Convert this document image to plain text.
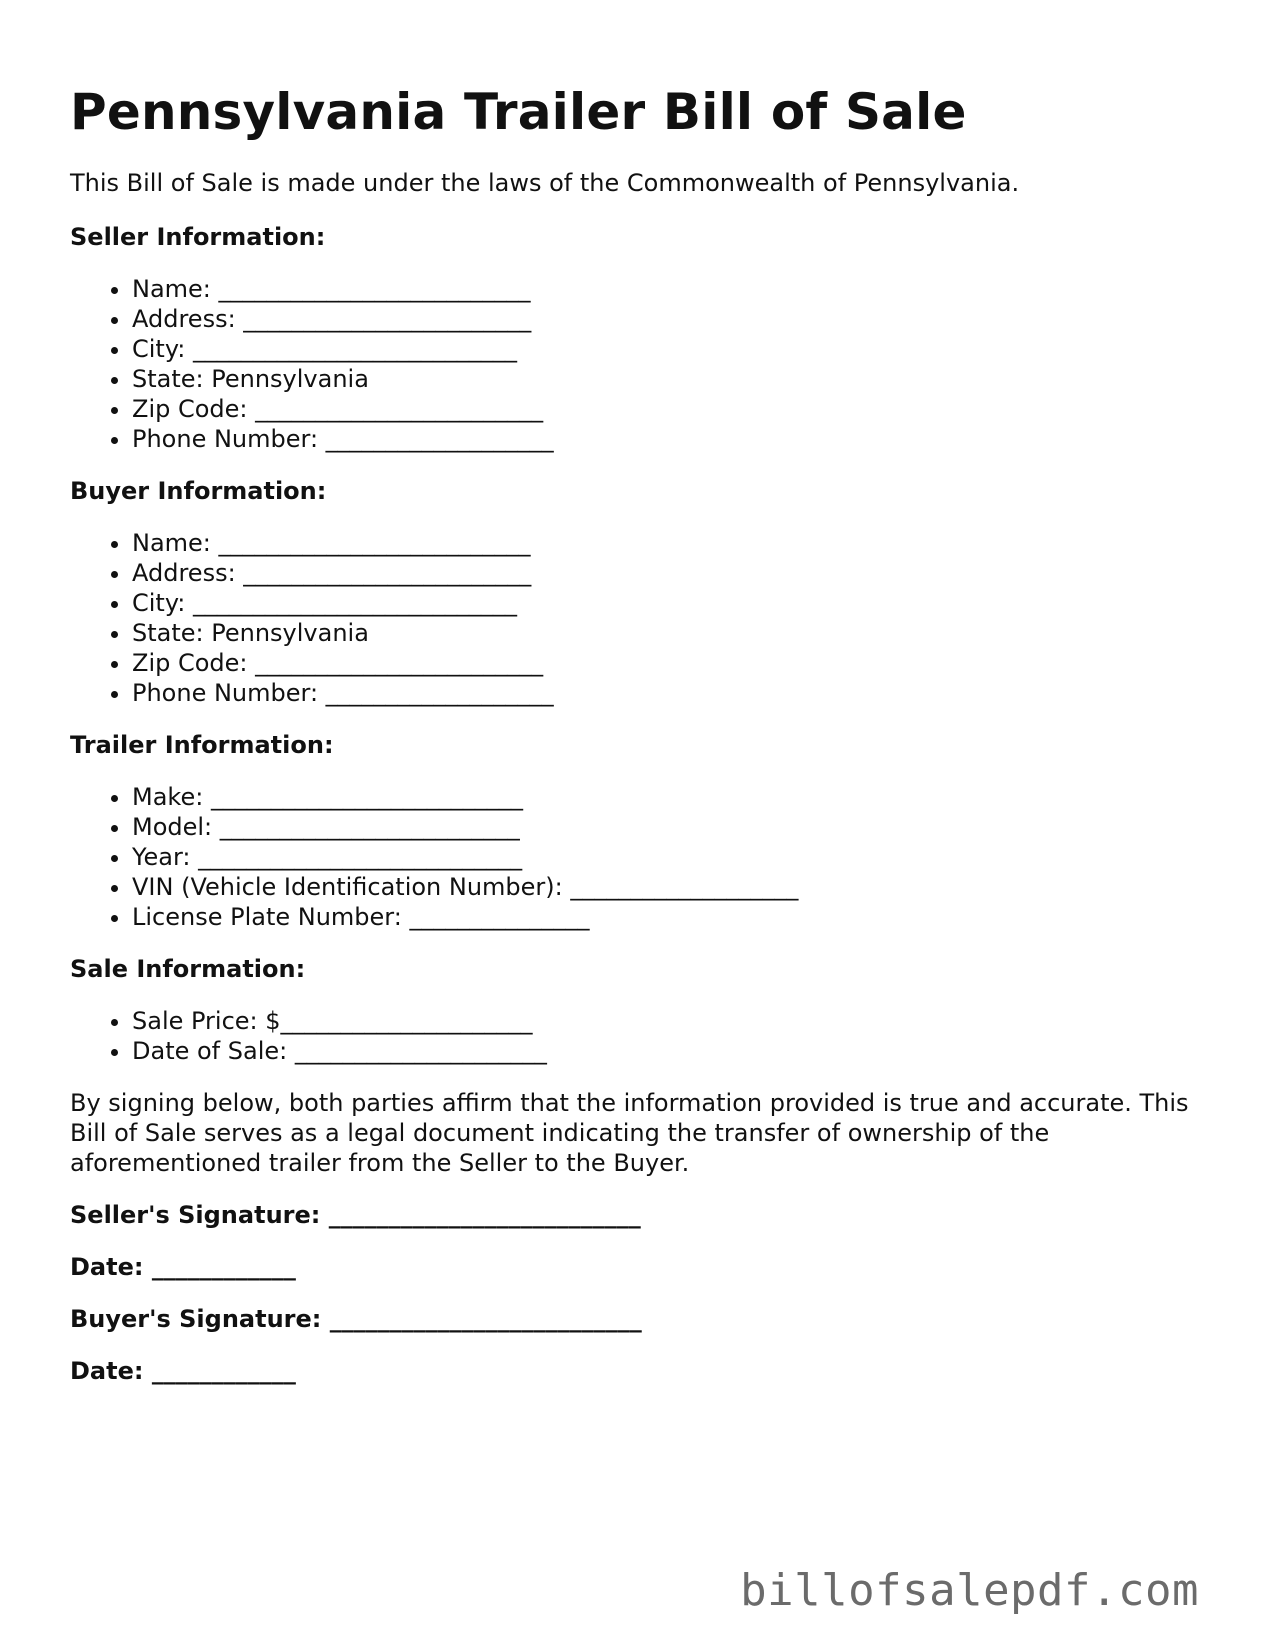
Pennsylvania Trailer Bill of Sale

This Bill of Sale is made under the laws of the Commonwealth of Pennsylvania.

Seller Information:
• Name: __________________________
• Address: ________________________
• City: ___________________________
• State: Pennsylvania
• Zip Code: ________________________
• Phone Number: ___________________
Buyer Information:
• Name: __________________________
• Address: ________________________
• City: ___________________________
• State: Pennsylvania
• Zip Code: ________________________
• Phone Number: ___________________
Trailer Information:
• Make: __________________________
• Model: _________________________
• Year: ___________________________
• VIN (Vehicle Identification Number): ___________________
• License Plate Number: _______________
Sale Information:
• Sale Price: $_____________________
• Date of Sale: _____________________

By signing below, both parties affirm that the information provided is true and accurate. This Bill of Sale serves as a legal document indicating the transfer of ownership of the aforementioned trailer from the Seller to the Buyer.

Seller's Signature: __________________________

Date: ____________

Buyer's Signature: __________________________

Date: ____________

billofsalepdf.com
